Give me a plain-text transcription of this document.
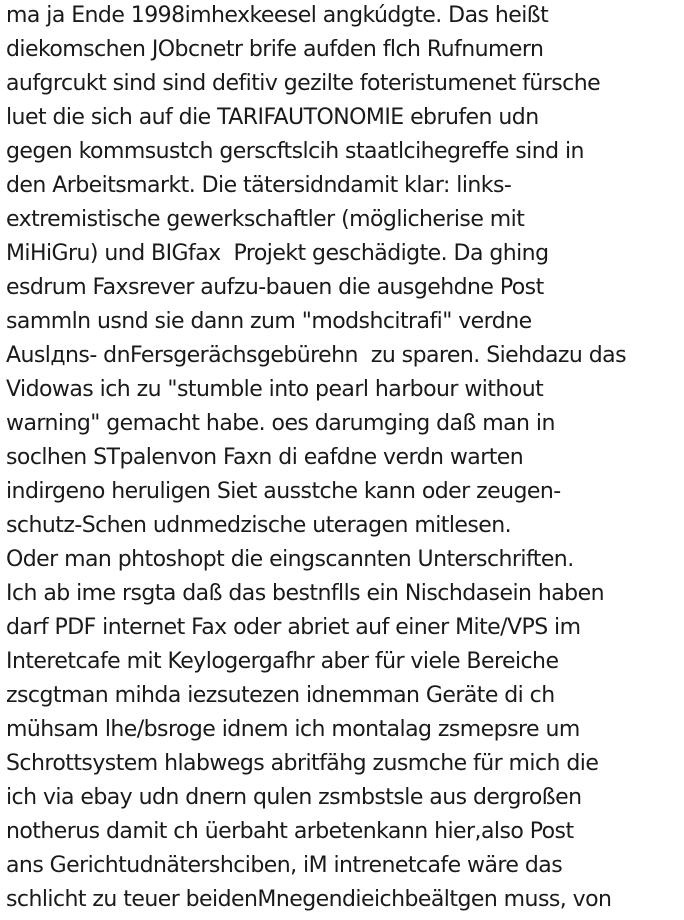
ma ja Ende 1998imhexkeesel angkúdgte. Das heißt
diekomschen JObcnetr brife aufden flch Rufnumern
aufgrcukt sind sind defitiv gezilte foteristumenet fürsche
luet die sich auf die TARIFAUTONOMIE ebrufen udn
gegen kommsustch gerscftslcih staatlcihegreffe sind in
den Arbeitsmarkt. Die tätersidndamit klar: links-
extremistische gewerkschaftler (möglicherise mit
MiHiGru) und BIGfax  Projekt geschädigte. Da ghing
esdrum Faxsrever aufzu-bauen die ausgehdne Post
sammln usnd sie dann zum "modshcitrafi" verdne
Auslдns- dnFersgeräсhsgebürehn  zu sparen. Siehdazu das
Vidowas ich zu "stumble into pearl harbour without
warning" gemacht habe. oes darumging daß man in
soclhen STpalenvon Faxn di eafdne verdn warten
indirgeno heruligen Siet ausstche kann oder zeugen-
schutz-Schen udnmedzische uteragen mitlesen.
Oder man phtoshopt die eingscannten Unterschriften.
Ich ab ime rsgta daß das bestnflls ein Nischdasein haben
darf PDF internet Fax oder abriet auf einer Mite/VPS im
Interetcafe mit Keylogergafhr aber für viele Bereiche
zscgtman mihda iezsutezen idnemman Geräte di ch
mühsam lhe/bsroge idnem ich montalag zsmepsre um
Schrottsystem hlabwegs abritfähg zusmche für mich die
ich via ebay udn dnern qulen zsmbstsle aus dergroßen
notherus damit ch üerbaht arbetenkann hier,also Post
ans Gerichtudnätershciben, iM intrenetcafe wäre das
schlicht zu teuer beidenMnegendieichbeältgen muss, von
